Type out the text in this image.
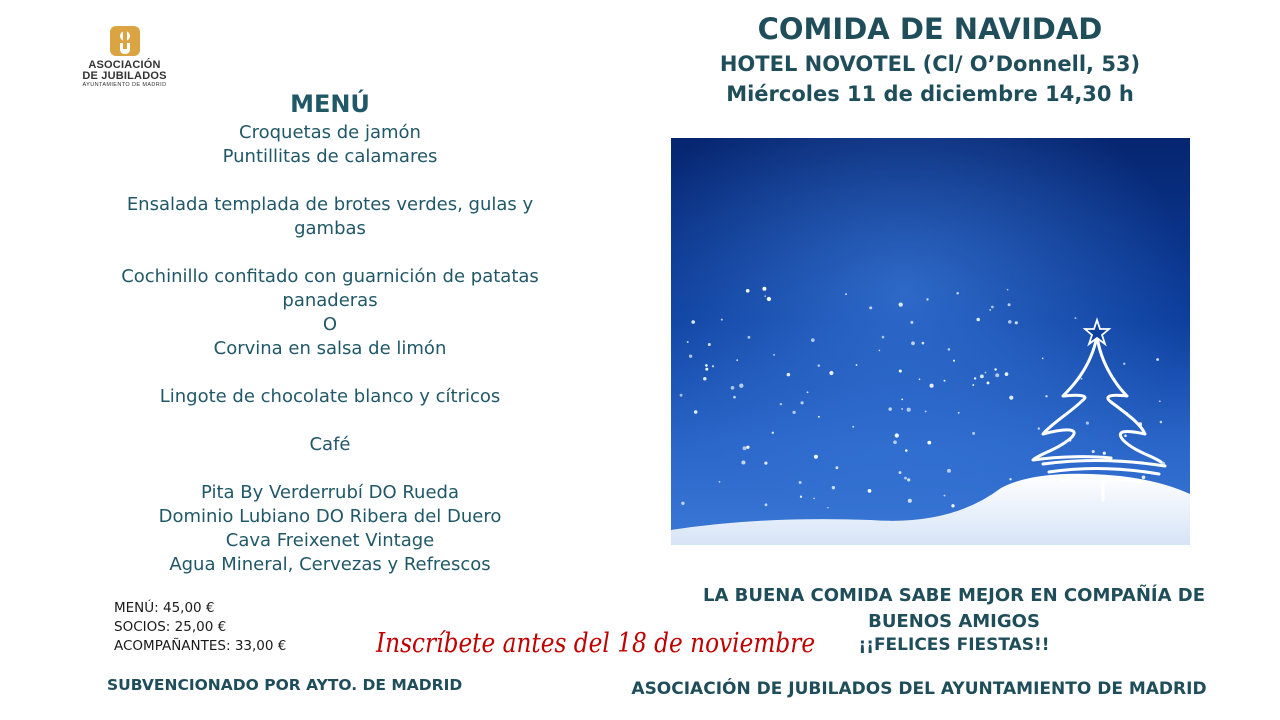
ASOCIACIÓN
DE JUBILADOS
AYUNTAMIENTO DE MADRID
MENÚ
Croquetas de jamón
Puntillitas de calamares
Ensalada templada de brotes verdes, gulas y
gambas
Cochinillo confitado con guarnición de patatas
panaderas
O
Corvina en salsa de limón
Lingote de chocolate blanco y cítricos
Café
Pita By Verderrubí DO Rueda
Dominio Lubiano DO Ribera del Duero
Cava Freixenet Vintage
Agua Mineral, Cervezas y Refrescos
MENÚ: 45,00 €
SOCIOS: 25,00 €
ACOMPAÑANTES: 33,00 €
SUBVENCIONADO POR AYTO. DE MADRID
Inscríbete antes del 18 de noviembre
COMIDA DE NAVIDAD
HOTEL NOVOTEL (Cl/ O’Donnell, 53)
Miércoles 11 de diciembre 14,30 h
LA BUENA COMIDA SABE MEJOR EN COMPAÑÍA DE
BUENOS AMIGOS
¡¡FELICES FIESTAS!!
ASOCIACIÓN DE JUBILADOS DEL AYUNTAMIENTO DE MADRID
